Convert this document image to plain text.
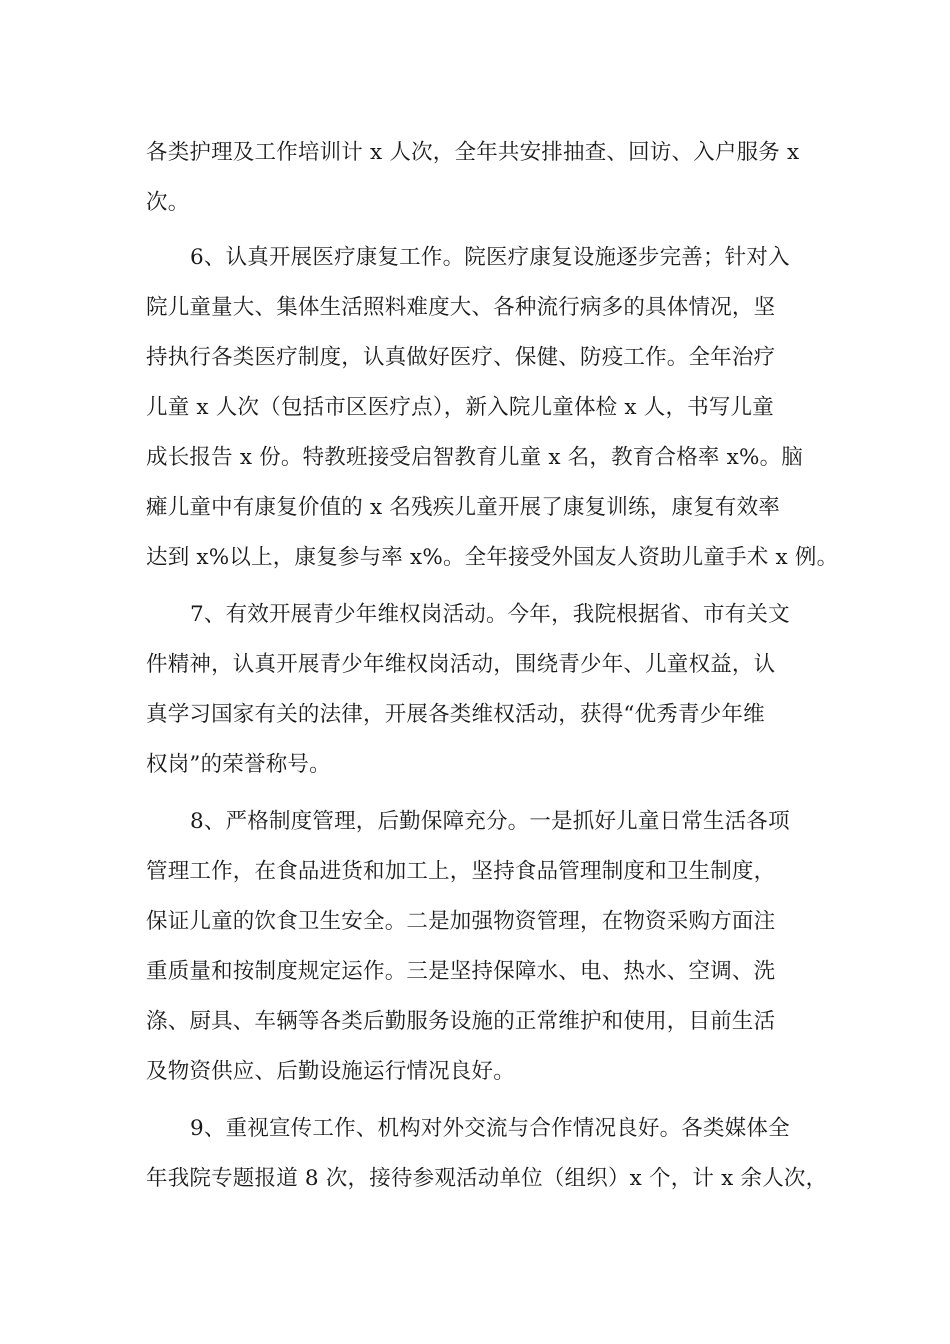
各类护理及工作培训计 x 人次，全年共安排抽查、回访、入户服务 x
次。
6、认真开展医疗康复工作。院医疗康复设施逐步完善；针对入
院儿童量大、集体生活照料难度大、各种流行病多的具体情况，坚
持执行各类医疗制度，认真做好医疗、保健、防疫工作。全年治疗
儿童 x 人次（包括市区医疗点），新入院儿童体检 x 人，书写儿童
成长报告 x 份。特教班接受启智教育儿童 x 名，教育合格率 x%。脑
瘫儿童中有康复价值的 x 名残疾儿童开展了康复训练，康复有效率
达到 x%以上，康复参与率 x%。全年接受外国友人资助儿童手术 x 例。
7、有效开展青少年维权岗活动。今年，我院根据省、市有关文
件精神，认真开展青少年维权岗活动，围绕青少年、儿童权益，认
真学习国家有关的法律，开展各类维权活动，获得“优秀青少年维
权岗”的荣誉称号。
8、严格制度管理，后勤保障充分。一是抓好儿童日常生活各项
管理工作，在食品进货和加工上，坚持食品管理制度和卫生制度，
保证儿童的饮食卫生安全。二是加强物资管理，在物资采购方面注
重质量和按制度规定运作。三是坚持保障水、电、热水、空调、洗
涤、厨具、车辆等各类后勤服务设施的正常维护和使用，目前生活
及物资供应、后勤设施运行情况良好。
9、重视宣传工作、机构对外交流与合作情况良好。各类媒体全
年我院专题报道 8 次，接待参观活动单位（组织）x 个，计 x 余人次，
